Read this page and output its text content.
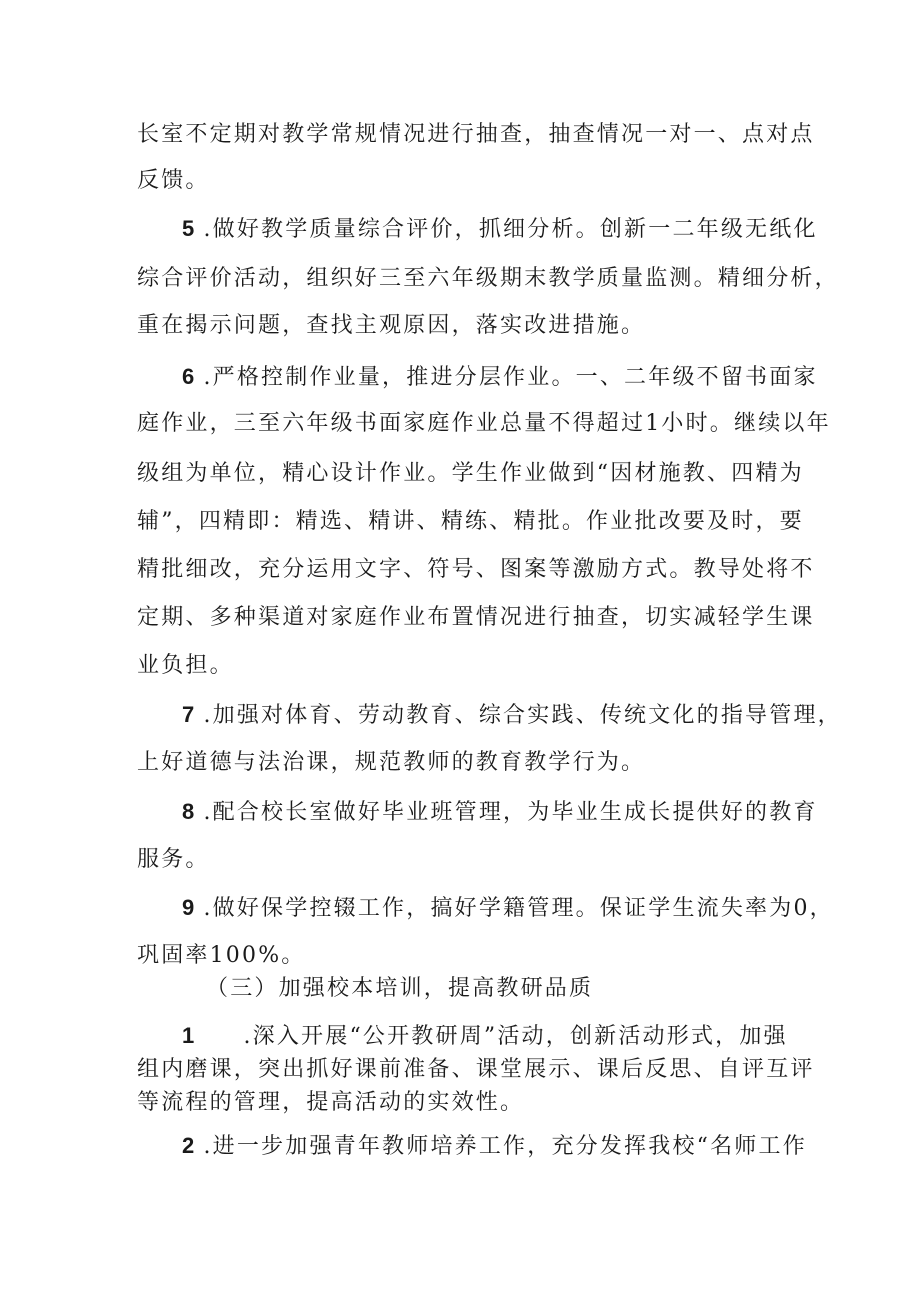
长室不定期对教学常规情况进行抽查，抽查情况一对一、点对点
反馈。
5 .做好教学质量综合评价，抓细分析。创新一二年级无纸化
综合评价活动，组织好三至六年级期末教学质量监测。精细分析，
重在揭示问题，查找主观原因，落实改进措施。
6 .严格控制作业量，推进分层作业。一、二年级不留书面家
庭作业，三至六年级书面家庭作业总量不得超过1小时。继续以年
级组为单位，精心设计作业。学生作业做到“因材施教、四精为
辅”，四精即：精选、精讲、精练、精批。作业批改要及时，要
精批细改，充分运用文字、符号、图案等激励方式。教导处将不
定期、多种渠道对家庭作业布置情况进行抽查，切实减轻学生课
业负担。
7 .加强对体育、劳动教育、综合实践、传统文化的指导管理，
上好道德与法治课，规范教师的教育教学行为。
8 .配合校长室做好毕业班管理，为毕业生成长提供好的教育
服务。
9 .做好保学控辍工作，搞好学籍管理。保证学生流失率为0，
巩固率100%。
（三）加强校本培训，提高教研品质
1 .深入开展“公开教研周”活动，创新活动形式，加强
组内磨课，突出抓好课前准备、课堂展示、课后反思、自评互评
等流程的管理，提高活动的实效性。
2 .进一步加强青年教师培养工作，充分发挥我校“名师工作
